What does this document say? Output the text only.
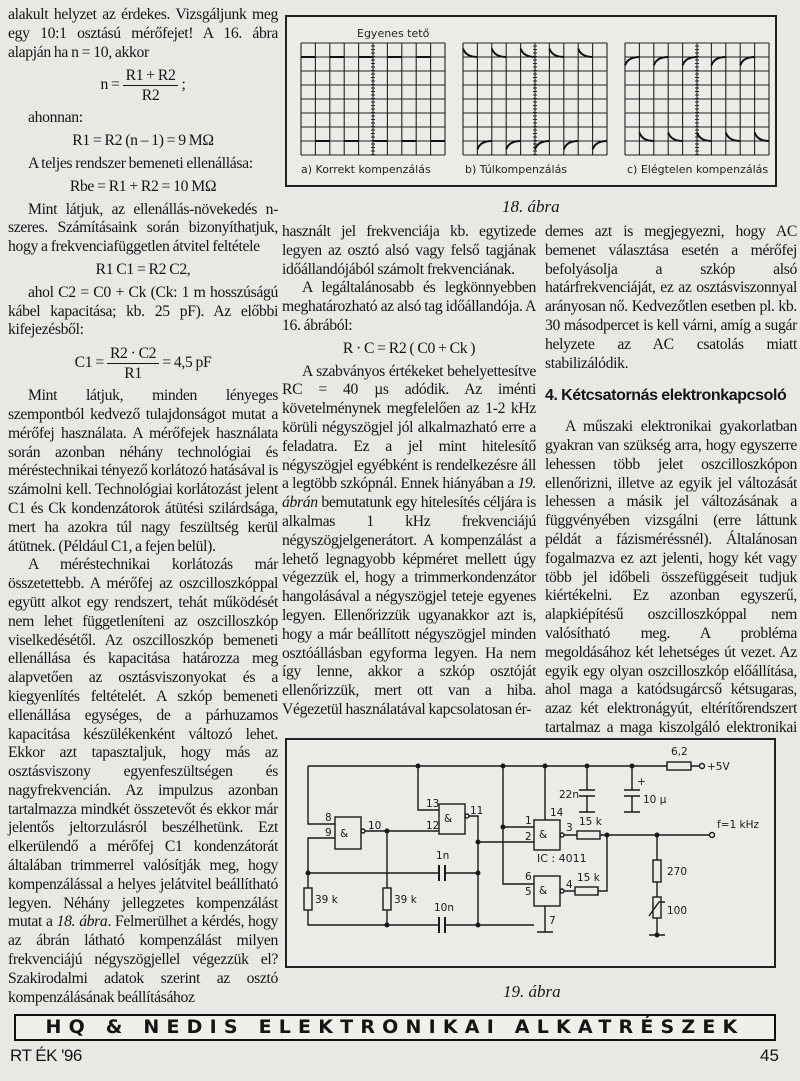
alakult helyzet az érdekes. Vizsgáljunk meg egy 10:1 osztású mérőfejet! A 16. ábra alapján ha n = 10, akkor

$n = \frac{R1 + R2}{R2}$ ;

ahonnan:

R1 = R2 (n – 1) = 9 MΩ

A teljes rendszer bemeneti ellenállása:

Rbe = R1 + R2 = 10 MΩ

Mint látjuk, az ellenállás-növekedés n-szeres. Számításaink során bizonyíthatjuk, hogy a frekvenciafüggetlen átvitel feltétele

R1 C1 = R2 C2,

ahol C2 = C0 + Ck (Ck: 1 m hosszúságú kábel kapacitása; kb. 25 pF). Az előbbi kifejezésből:

$C1 = \frac{R2 \cdot C2}{R1} = 4,5$ pF

Mint látjuk, minden lényeges szempontból kedvező tulajdonságot mutat a mérőfej használata. A mérőfejek használata során azonban néhány technológiai és méréstechnikai tényező korlátozó hatásával is számolni kell. Technológiai korlátozást jelent C1 és Ck kondenzátorok átütési szilárdsága, mert ha azokra túl nagy feszültség kerül átütnek. (Például C1, a fejen belül).

A méréstechnikai korlátozás már összetettebb. A mérőfej az oszcilloszkóppal együtt alkot egy rendszert, tehát működését nem lehet függetleníteni az oszcilloszkóp viselkedésétől. Az oszcilloszkóp bemeneti ellenállása és kapacitása határozza meg alapvetően az osztásviszonyokat és a kiegyenlítés feltételét. A szkóp bemeneti ellenállása egységes, de a párhuzamos kapacitása készülékenként változó lehet. Ekkor azt tapasztaljuk, hogy más az osztásviszony egyenfeszültségen és nagyfrekvencián. Az impulzus azonban tartalmazza mindkét összetevőt és ekkor már jelentős jeltorzulásról beszélhetünk. Ezt elkerülendő a mérőfej C1 kondenzátorát általában trimmerrel valósítják meg, hogy kompenzálással a helyes jelátvitel beállítható legyen. Néhány jellegzetes kompenzálást mutat a 18. ábra. Felmerülhet a kérdés, hogy az ábrán látható kompenzálást milyen frekvenciájú négyszögjellel végezzük el? Szakirodalmi adatok szerint az osztó kompenzálásának beállításához

Egyenes tető
a) Korrekt kompenzálás	b) Túlkompenzálás	c) Elégtelen kompenzálás
18. ábra

használt jel frekvenciája kb. egytizede legyen az osztó alsó vagy felső tagjának időállandójából számolt frekvenciának.

A legáltalánosabb és legkönnyebben meghatározható az alsó tag időállandója. A 16. ábrából:

R · C = R2 ( C0 + Ck )

A szabványos értékeket behelyettesítve RC = 40 µs adódik. Az iménti követelménynek megfelelően az 1-2 kHz körüli négyszögjel jól alkalmazható erre a feladatra. Ez a jel mint hitelesítő négyszögjel egyébként is rendelkezésre áll a legtöbb szkópnál. Ennek hiányában a 19. ábrán bemutatunk egy hitelesítés céljára is alkalmas 1 kHz frekvenciájú négyszögjelgenerátort. A kompenzálást a lehető legnagyobb képméret mellett úgy végezzük el, hogy a trimmerkondenzátor hangolásával a négyszögjel teteje egyenes legyen. Ellenőrizzük ugyanakkor azt is, hogy a már beállított négyszögjel minden osztóállásban egyforma legyen. Ha nem így lenne, akkor a szkóp osztóját ellenőrizzük, mert ott van a hiba. Végezetül használatával kapcsolatosan ér-

demes azt is megjegyezni, hogy AC bemenet választása esetén a mérőfej befolyásolja a szkóp alsó határfrekvenciáját, ez az osztásviszonnyal arányosan nő. Kedvezőtlen esetben pl. kb. 30 másodpercet is kell várni, amíg a sugár helyzete az AC csatolás miatt stabilizálódik.

4. Kétcsatornás elektronkapcsoló

A műszaki elektronikai gyakorlatban gyakran van szükség arra, hogy egyszerre lehessen több jelet oszcilloszkópon ellenőrizni, illetve az egyik jel változását lehessen a másik jel változásának a függvényében vizsgálni (erre láttunk példát a fázisméréssnél). Általánosan fogalmazva ez azt jelenti, hogy két vagy több jel időbeli összefüggéseit tudjuk kiértékelni. Ez azonban egyszerű, alapkiépítésű oszcilloszkóppal nem valósítható meg. A probléma megoldásához két lehetséges út vezet. Az egyik egy olyan oszcilloszkóp előállítása, ahol maga a katódsugárcső kétsugaras, azaz két elektronágyút, eltérítőrendszert tartalmaz a maga kiszolgáló elektronikai

&
&
&
&
8
9
10
13
12
11
1
2
14
3
6
5
4
7
IC : 4011
39 k	39 k
1n
10n
22n	10 µ
+
6,2
15 k
15 k	270
100
+5V
f=1 kHz
19. ábra
HQ & NEDIS ELEKTRONIKAI ALKATRÉSZEK
RT ÉK '96	45
